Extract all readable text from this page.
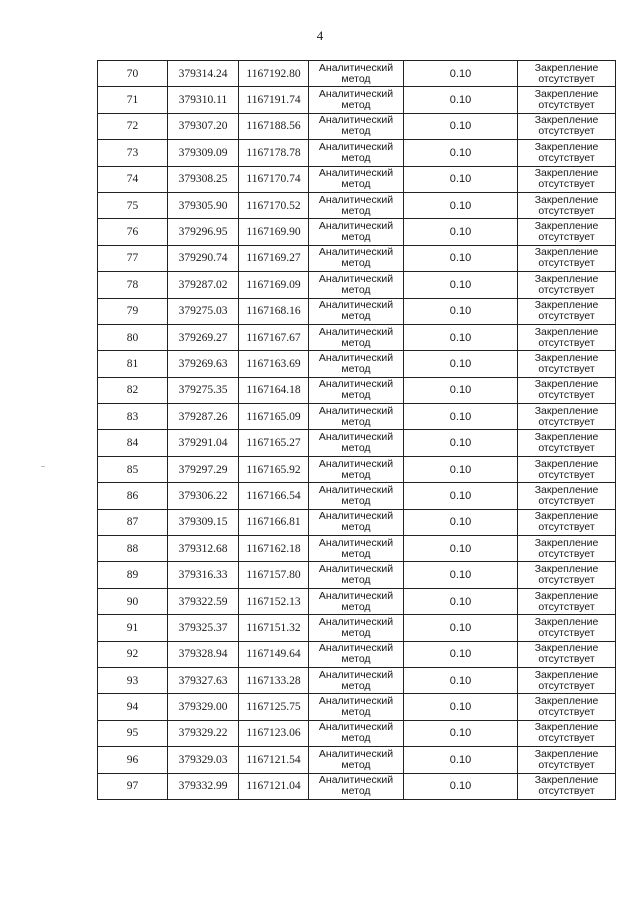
4
70	379314.24	1167192.80	Аналитический метод	0.10	Закрепление отсутствует
71	379310.11	1167191.74	Аналитический метод	0.10	Закрепление отсутствует
72	379307.20	1167188.56	Аналитический метод	0.10	Закрепление отсутствует
73	379309.09	1167178.78	Аналитический метод	0.10	Закрепление отсутствует
74	379308.25	1167170.74	Аналитический метод	0.10	Закрепление отсутствует
75	379305.90	1167170.52	Аналитический метод	0.10	Закрепление отсутствует
76	379296.95	1167169.90	Аналитический метод	0.10	Закрепление отсутствует
77	379290.74	1167169.27	Аналитический метод	0.10	Закрепление отсутствует
78	379287.02	1167169.09	Аналитический метод	0.10	Закрепление отсутствует
79	379275.03	1167168.16	Аналитический метод	0.10	Закрепление отсутствует
80	379269.27	1167167.67	Аналитический метод	0.10	Закрепление отсутствует
81	379269.63	1167163.69	Аналитический метод	0.10	Закрепление отсутствует
82	379275.35	1167164.18	Аналитический метод	0.10	Закрепление отсутствует
83	379287.26	1167165.09	Аналитический метод	0.10	Закрепление отсутствует
84	379291.04	1167165.27	Аналитический метод	0.10	Закрепление отсутствует
85	379297.29	1167165.92	Аналитический метод	0.10	Закрепление отсутствует
86	379306.22	1167166.54	Аналитический метод	0.10	Закрепление отсутствует
87	379309.15	1167166.81	Аналитический метод	0.10	Закрепление отсутствует
88	379312.68	1167162.18	Аналитический метод	0.10	Закрепление отсутствует
89	379316.33	1167157.80	Аналитический метод	0.10	Закрепление отсутствует
90	379322.59	1167152.13	Аналитический метод	0.10	Закрепление отсутствует
91	379325.37	1167151.32	Аналитический метод	0.10	Закрепление отсутствует
92	379328.94	1167149.64	Аналитический метод	0.10	Закрепление отсутствует
93	379327.63	1167133.28	Аналитический метод	0.10	Закрепление отсутствует
94	379329.00	1167125.75	Аналитический метод	0.10	Закрепление отсутствует
95	379329.22	1167123.06	Аналитический метод	0.10	Закрепление отсутствует
96	379329.03	1167121.54	Аналитический метод	0.10	Закрепление отсутствует
97	379332.99	1167121.04	Аналитический метод	0.10	Закрепление отсутствует
